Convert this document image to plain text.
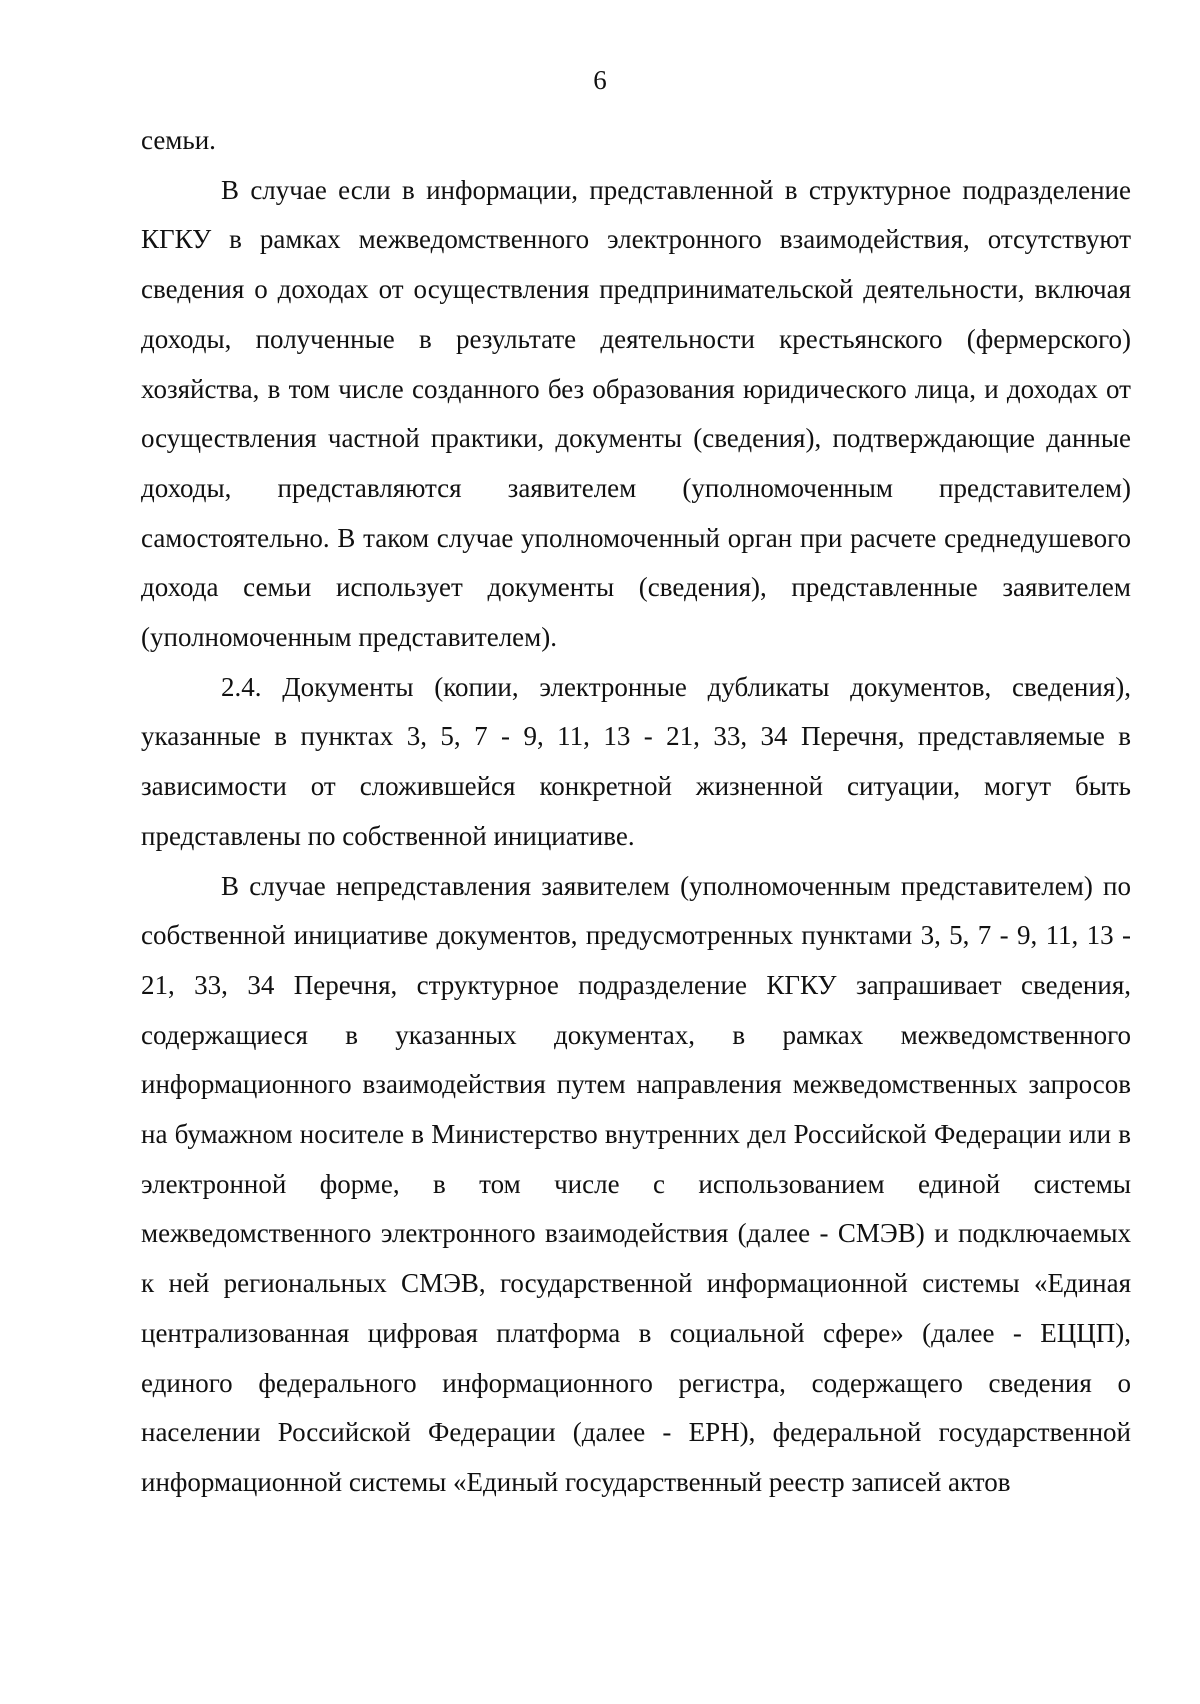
6

семьи.

В случае если в информации, представленной в структурное подразделение КГКУ в рамках межведомственного электронного взаимодействия, отсутствуют сведения о доходах от осуществления предпринимательской деятельности, включая доходы, полученные в результате деятельности крестьянского (фермерского) хозяйства, в том числе созданного без образования юридического лица, и доходах от осуществления частной практики, документы (сведения), подтверждающие данные доходы, представляются заявителем (уполномоченным представителем) самостоятельно. В таком случае уполномоченный орган при расчете среднедушевого дохода семьи использует документы (сведения), представленные заявителем (уполномоченным представителем).

2.4. Документы (копии, электронные дубликаты документов, сведения), указанные в пунктах 3, 5, 7 - 9, 11, 13 - 21, 33, 34 Перечня, представляемые в зависимости от сложившейся конкретной жизненной ситуации, могут быть представлены по собственной инициативе.

В случае непредставления заявителем (уполномоченным представителем) по собственной инициативе документов, предусмотренных пунктами 3, 5, 7 - 9, 11, 13 - 21, 33, 34 Перечня, структурное подразделение КГКУ запрашивает сведения, содержащиеся в указанных документах, в рамках межведомственного информационного взаимодействия путем направления межведомственных запросов на бумажном носителе в Министерство внутренних дел Российской Федерации или в электронной форме, в том числе с использованием единой системы межведомственного электронного взаимодействия (далее - СМЭВ) и подключаемых к ней региональных СМЭВ, государственной информационной системы «Единая централизованная цифровая платформа в социальной сфере» (далее - ЕЦЦП), единого федерального информационного регистра, содержащего сведения о населении Российской Федерации (далее - ЕРН), федеральной государственной информационной системы «Единый государственный реестр записей актов
